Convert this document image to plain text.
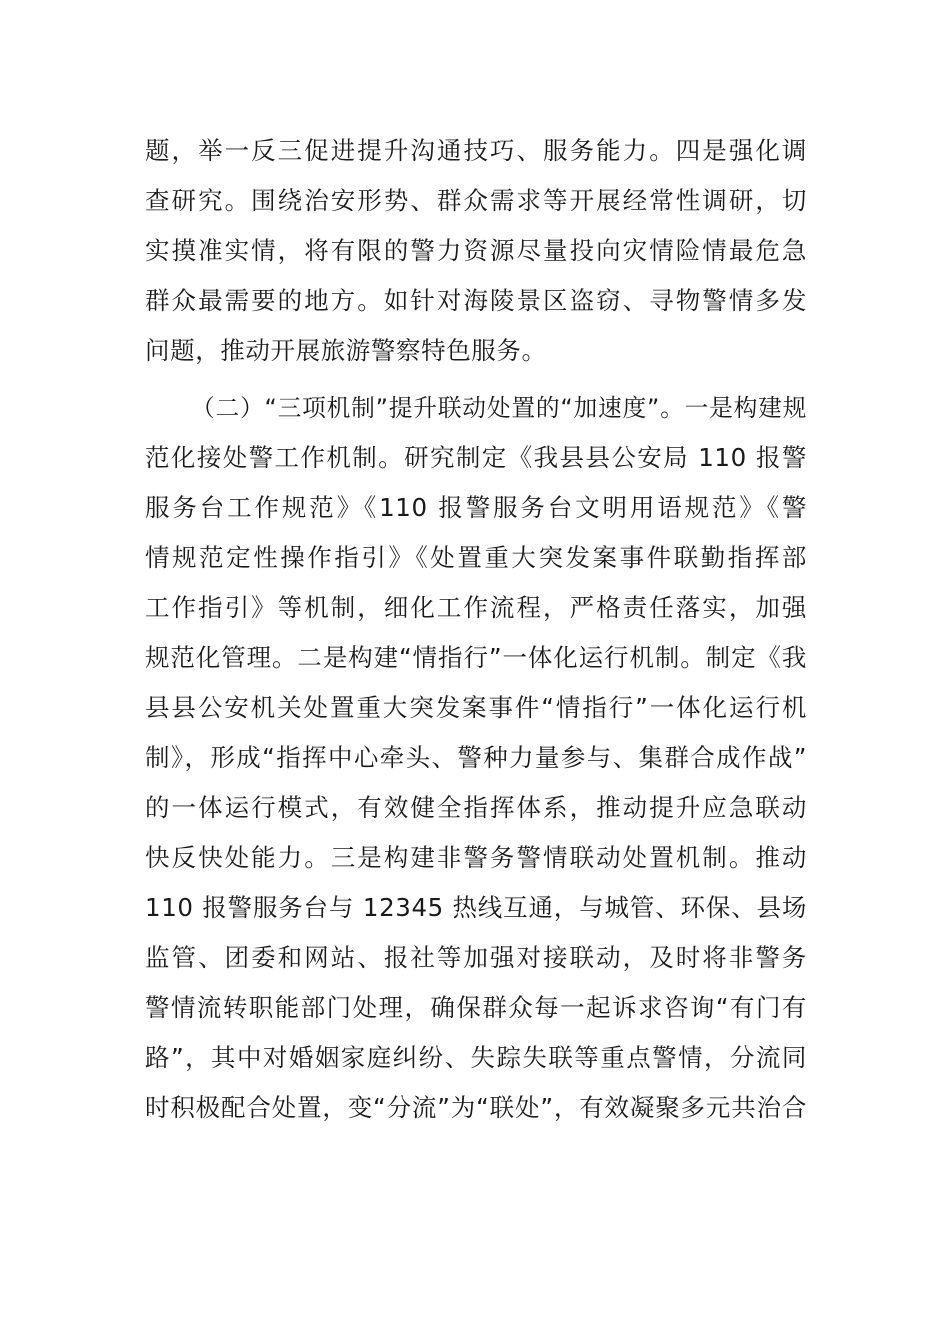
题，举一反三促进提升沟通技巧、服务能力。四是强化调
查研究。围绕治安形势、群众需求等开展经常性调研，切
实摸准实情，将有限的警力资源尽量投向灾情险情最危急
群众最需要的地方。如针对海陵景区盗窃、寻物警情多发
问题，推动开展旅游警察特色服务。
（二）“三项机制”提升联动处置的“加速度”。一是构建规
范化接处警工作机制。研究制定《我县县公安局 110 报警
服务台工作规范》《110 报警服务台文明用语规范》《警
情规范定性操作指引》《处置重大突发案事件联勤指挥部
工作指引》等机制，细化工作流程，严格责任落实，加强
规范化管理。二是构建“情指行”一体化运行机制。制定《我
县县公安机关处置重大突发案事件“情指行”一体化运行机
制》，形成“指挥中心牵头、警种力量参与、集群合成作战”
的一体运行模式，有效健全指挥体系，推动提升应急联动
快反快处能力。三是构建非警务警情联动处置机制。推动
110 报警服务台与 12345 热线互通，与城管、环保、县场
监管、团委和网站、报社等加强对接联动，及时将非警务
警情流转职能部门处理，确保群众每一起诉求咨询“有门有
路”，其中对婚姻家庭纠纷、失踪失联等重点警情，分流同
时积极配合处置，变“分流”为“联处”，有效凝聚多元共治合
